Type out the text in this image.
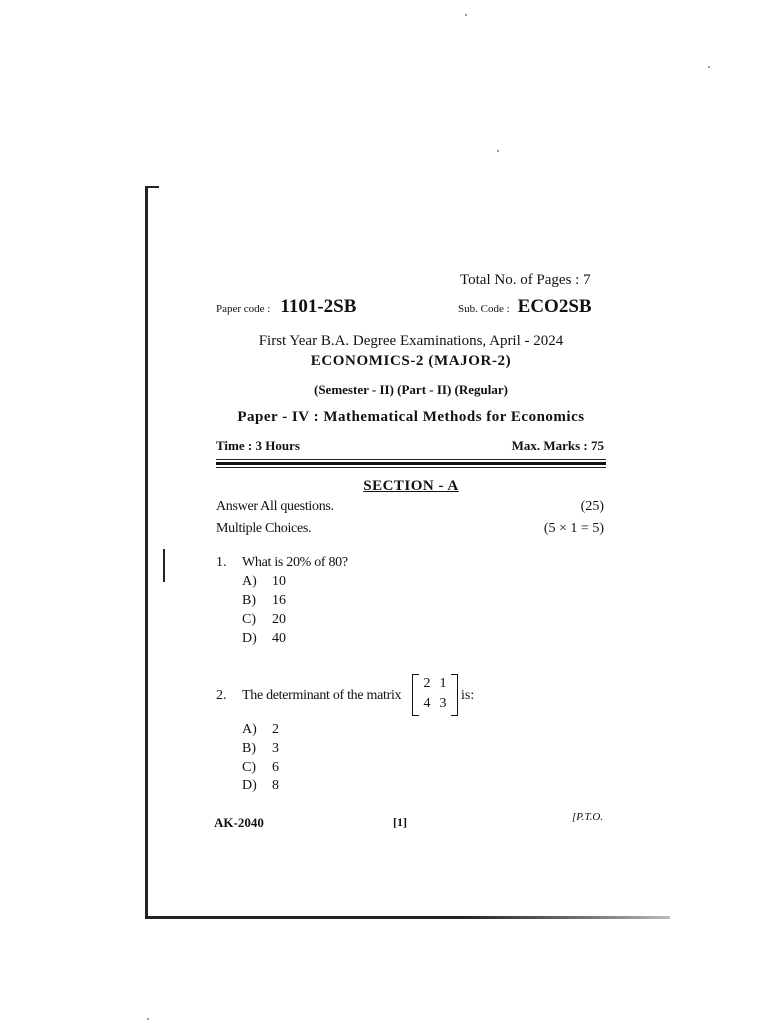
Total No. of Pages : 7
Paper code : 1101-2SB	Sub. Code : ECO2SB
First Year B.A. Degree Examinations, April - 2024
ECONOMICS-2 (MAJOR-2)
(Semester - II) (Part - II) (Regular)
Paper - IV : Mathematical Methods for Economics
Time : 3 Hours	Max. Marks : 75
SECTION - A
Answer All questions.	(25)
Multiple Choices.	(5 × 1 = 5)
1. What is 20% of 80?
A) 10
B) 16
C) 20
D) 40
2. The determinant of the matrix
2 1
4 3
is:
A) 2
B) 3
C) 6
D) 8
AK-2040	[1]	[P.T.O.
